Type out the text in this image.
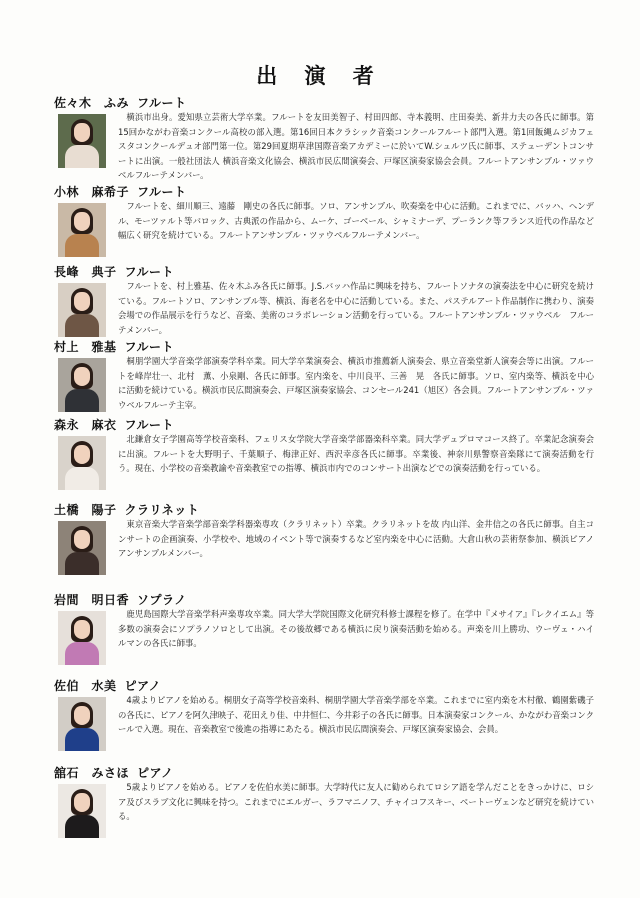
出 演 者
佐々木　ふみ フルート
横浜市出身。愛知県立芸術大学卒業。フルートを友田美智子、村田四郎、寺本義明、庄田奏美、新井力夫の各氏に師事。第15回かながわ音楽コンクール高校の部入選。第16回日本クラシック音楽コンクールフルート部門入選。第1回飯縄ムジカフェスタコンクールデュオ部門第一位。第29回夏期草津国際音楽アカデミーに於いてW.シュルツ氏に師事、ステューデントコンサートに出演。一般社団法人 横浜音楽文化協会、横浜市民広間演奏会、戸塚区演奏家協会会員。フルートアンサンブル・ツァウベルフルーテメンバー。
小林　麻希子 フルート
フルートを、細川順三、遠藤　剛史の各氏に師事。ソロ、アンサンブル、吹奏楽を中心に活動。これまでに、バッハ、ヘンデル、モーツァルト等バロック、古典派の作品から、ムーケ、ゴーベール、シャミナーデ、プーランク等フランス近代の作品など幅広く研究を続けている。フルートアンサンブル・ツァウベルフルーテメンバー。
長峰　典子 フルート
フルートを、村上雅基、佐々木ふみ各氏に師事。J.S.バッハ作品に興味を持ち、フルートソナタの演奏法を中心に研究を続けている。フルートソロ、アンサンブル等、横浜、海老名を中心に活動している。また、パステルアート作品制作に携わり、演奏会場での作品展示を行うなど、音楽、美術のコラボレーション活動を行っている。フルートアンサンブル・ツァウベル　フルーテメンバー。
村上　雅基 フルート
桐朋学園大学音楽学部演奏学科卒業。同大学卒業演奏会、横浜市推薦新人演奏会、県立音楽堂新人演奏会等に出演。フルートを峰岸壮一、北村　薫、小泉剛、各氏に師事。室内楽を、中川良平、三善　晃　各氏に師事。ソロ、室内楽等、横浜を中心に活動を続けている。横浜市民広間演奏会、戸塚区演奏家協会、コンセール241（旭区）各会員。フルートアンサンブル・ツァウベルフルーテ主宰。
森永　麻衣 フルート
北鎌倉女子学園高等学校音楽科、フェリス女学院大学音楽学部器楽科卒業。同大学デュプロマコース終了。卒業記念演奏会に出演。フルートを大野明子、千葉順子、梅津正好、西沢幸彦各氏に師事。卒業後、神奈川県警察音楽隊にて演奏活動を行う。現在、小学校の音楽教諭や音楽教室での指導、横浜市内でのコンサート出演などでの演奏活動を行っている。
土橋　陽子 クラリネット
東京音楽大学音楽学部音楽学科器楽専攻（クラリネット）卒業。クラリネットを故 内山洋、金井信之の各氏に師事。自主コンサートの企画演奏、小学校や、地域のイベント等で演奏するなど室内楽を中心に活動。大倉山秋の芸術祭参加、横浜ピアノアンサンブルメンバー。
岩間　明日香 ソプラノ
鹿児島国際大学音楽学科声楽専攻卒業。同大学大学院国際文化研究科修士課程を修了。在学中『メサイア』『レクイエム』等多数の演奏会にソプラノソロとして出演。その後故郷である横浜に戻り演奏活動を始める。声楽を川上勝功、ウーヴェ・ハイルマンの各氏に師事。
佐伯　水美 ピアノ
4歳よりピアノを始める。桐朋女子高等学校音楽科、桐朋学園大学音楽学部を卒業。これまでに室内楽を木村徹、鶴園紫磯子の各氏に、ピアノを阿久津映子、花田えり佳、中井恒仁、今井彩子の各氏に師事。日本演奏家コンクール、かながわ音楽コンクールで入選。現在、音楽教室で後進の指導にあたる。横浜市民広間演奏会、戸塚区演奏家協会、会員。
舘石　みさほ ピアノ
5歳よりピアノを始める。ピアノを佐伯水美に師事。大学時代に友人に勧められてロシア語を学んだことをきっかけに、ロシア及びスラブ文化に興味を持つ。これまでにエルガー、ラフマニノフ、チャイコフスキー、ベートーヴェンなど研究を続けている。
